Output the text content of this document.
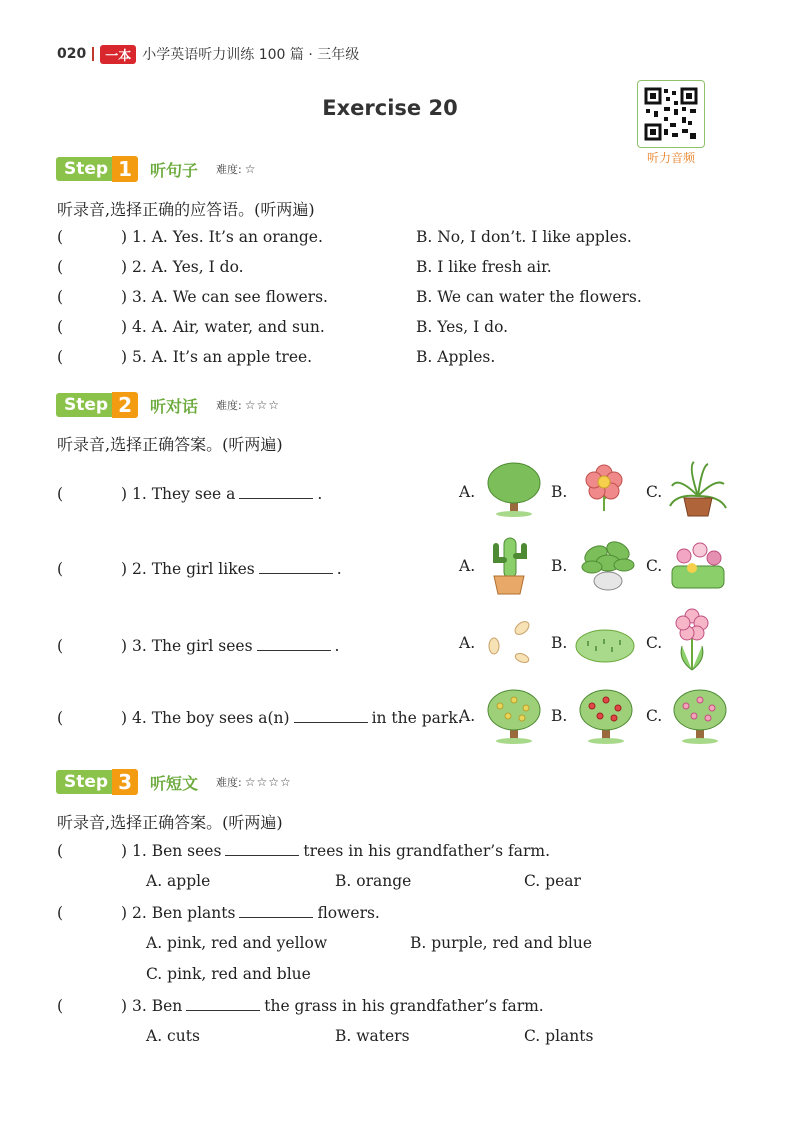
020	一本 小学英语听力训练 100 篇 · 三年级
Exercise 20
听力音频
Step 1	听句子 难度: ☆
听录音,选择正确的应答语。(听两遍)
(	) 1. A. Yes. It’s an orange.	B. No, I don’t. I like apples.
(	) 2. A. Yes, I do.	B. I like fresh air.
(	) 3. A. We can see flowers.	B. We can water the flowers.
(	) 4. A. Air, water, and sun.	B. Yes, I do.
(	) 5. A. It’s an apple tree.	B. Apples.
Step 2	听对话 难度: ☆☆☆
听录音,选择正确答案。(听两遍)
(	) 1. They see a	.	A.	B.	C.
(	) 2. The girl likes	.	A.	B.	C.
(	) 3. The girl sees	.	A.	B.	C.
(	) 4. The boy sees a(n)	in the park.
A.	B.	C.
Step 3	听短文 难度: ☆☆☆☆
听录音,选择正确答案。(听两遍)
(	) 1. Ben sees	trees in his grandfather’s farm.
A. apple	B. orange	C. pear
(	) 2. Ben plants	flowers.
A. pink, red and yellow	B. purple, red and blue
C. pink, red and blue
(	) 3. Ben	the grass in his grandfather’s farm.
A. cuts	B. waters	C. plants
